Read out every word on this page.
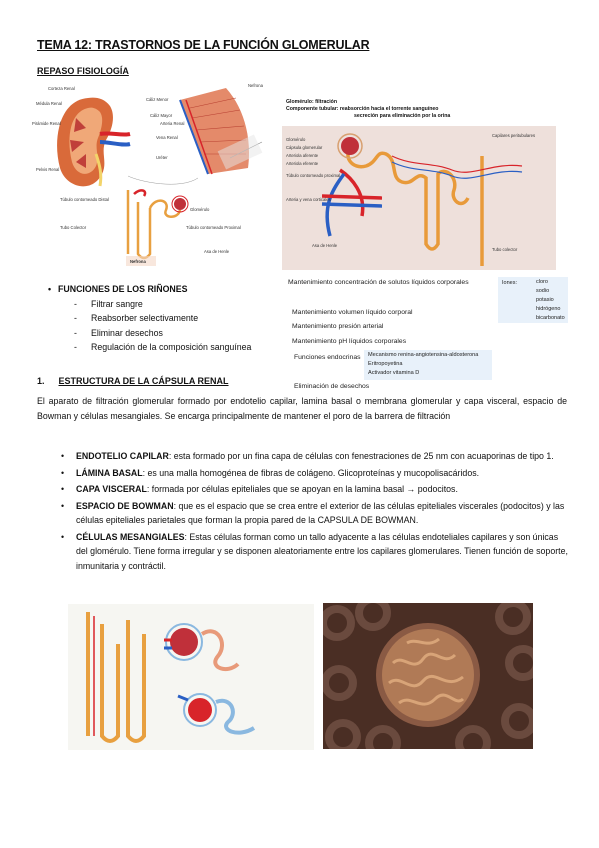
TEMA 12: TRASTORNOS DE LA FUNCIÓN GLOMERULAR
REPASO FISIOLOGÍA
Corteza Renal
Médula Renal
Pirámide Renal
Pelvis Renal
Cáliz Menor
Cáliz Mayor
Arteria Renal
Vena Renal
Uréter
Nefrona
Túbulo contorneado Distal
Glomérulo
Tubo Colector	Túbulo contorneado Proximal
Asa de Henle
Nefrona
Glomérulo: filtración
Componente tubular: reabsorción hacia el torrente sanguíneo
secreción para eliminación por la orina
Glomérulo
Cápsula glomerular
Arteriola aferente
Arteriola eferente
Túbulo contorneado proximal
Arteria y vena corticales
Asa de Henle
Tubo colector
Capilares peritubulares
• FUNCIONES DE LOS RIÑONES
- Filtrar sangre
- Reabsorber selectivamente
- Eliminar desechos
- Regulación de la composición sanguínea
Mantenimiento concentración de solutos líquidos corporales	Iones:	cloro
sodio
potasio
hidrógeno
bicarbonato
Mantenimiento volumen líquido corporal
Mantenimiento presión arterial
Mantenimiento pH líquidos corporales
Funciones endocrinas Mecanismo renina-angiotensina-aldosterona
Eritropoyetina
Activador vitamina D
Eliminación de desechos
1. ESTRUCTURA DE LA CÁPSULA RENAL
El aparato de filtración glomerular formado por endotelio capilar, lamina basal o membrana glomerular y capa visceral, espacio de Bowman y células mesangiales. Se encarga principalmente de mantener el poro de la barrera de filtración
• ENDOTELIO CAPILAR: esta formado por un fina capa de células con fenestraciones de 25 nm con acuaporinas de tipo 1.
• LÁMINA BASAL: es una malla homogénea de fibras de colágeno. Glicoproteínas y mucopolisacáridos.
• CAPA VISCERAL: formada por células epiteliales que se apoyan en la lamina basal → podocitos.
• ESPACIO DE BOWMAN: que es el espacio que se crea entre el exterior de las células epiteliales viscerales (podocitos) y las células epiteliales parietales que forman la propia pared de la CAPSULA DE BOWMAN.
• CÉLULAS MESANGIALES: Estas células forman como un tallo adyacente a las células endoteliales capilares y son únicas del glomérulo. Tiene forma irregular y se disponen aleatoriamente entre los capilares glomerulares. Tienen función de soporte, inmunitaria y contráctil.
